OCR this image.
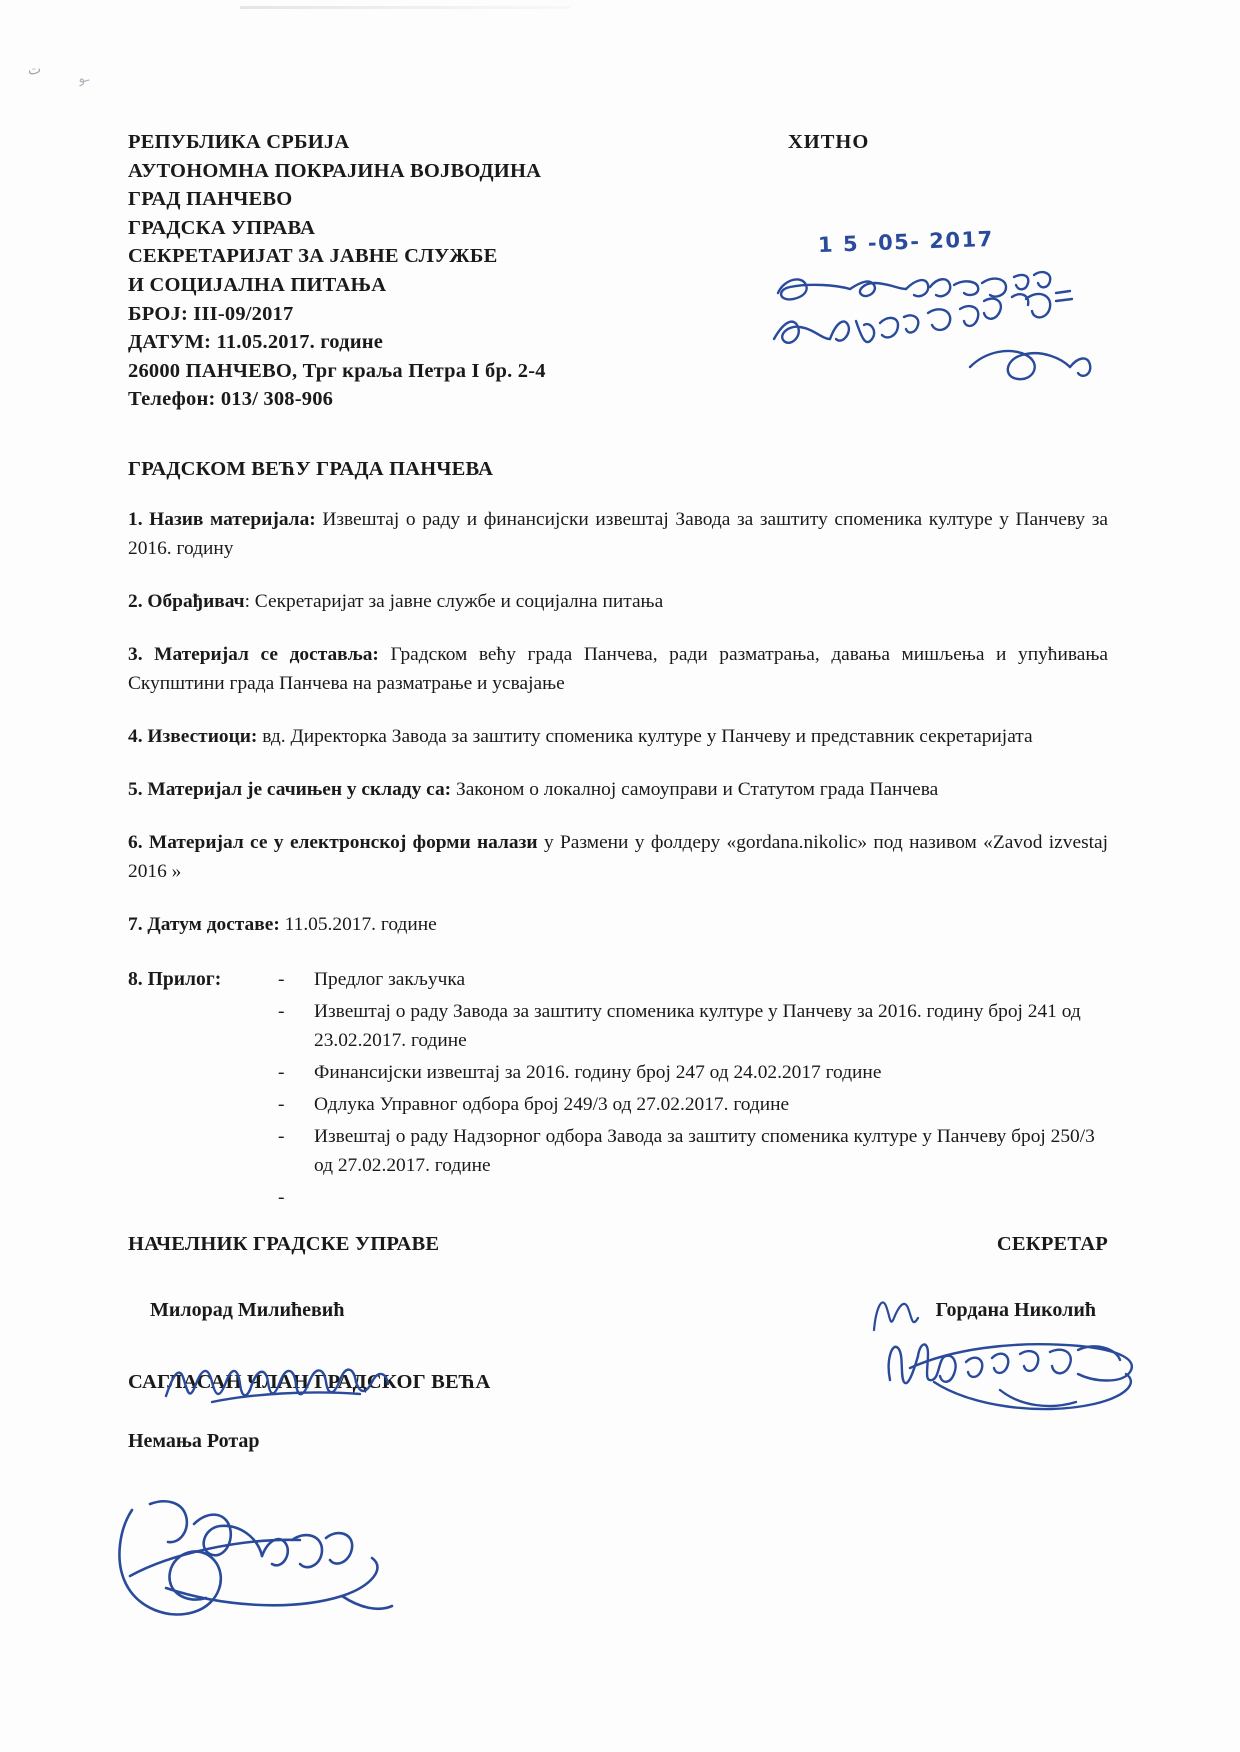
ت	ـﻮ
РЕПУБЛИКА СРБИЈА
АУТОНОМНА ПОКРАЈИНА ВОЈВОДИНА
ГРАД ПАНЧЕВО
ГРАДСКА УПРАВА
СЕКРЕТАРИЈАТ ЗА ЈАВНЕ СЛУЖБЕ
И СОЦИЈАЛНА ПИТАЊА
БРОЈ: III-09/2017
ДАТУМ: 11.05.2017. године
26000 ПАНЧЕВО, Трг краља Петра I бр. 2-4
Телефон: 013/ 308-906
ХИТНО
ГРАДСКОМ ВЕЋУ ГРАДА ПАНЧЕВА
1. Назив материјала: Извештај о раду и финансијски извештај Завода за заштиту споменика културе у Панчеву за 2016. годину
2. Обрађивач: Секретаријат за јавне службе и социјална питања
3. Материјал се доставља: Градском већу града Панчева, ради разматрања, давања мишљења и упућивања Скупштини града Панчева на разматрање и усвајање
4. Известиоци: вд. Директорка Завода за заштиту споменика културе у Панчеву и представник секретаријата
5. Материјал је сачињен у складу са: Законом о локалној самоуправи и Статутом града Панчева
6. Материјал се у електронској форми налази у Размени у фолдеру «gordana.nikolic» под називом «Zavod izvestaj 2016 »
7. Датум доставе: 11.05.2017. године
8. Прилог:	-	Предлог закључка
-	Извештај о раду Завода за заштиту споменика културе у Панчеву за 2016. годину број 241 од 23.02.2017. године
-	Финансијски извештај за 2016. годину број 247 од 24.02.2017 године
-	Одлука Управног одбора број 249/3 од 27.02.2017. године
-	Извештај о раду Надзорног одбора Завода за заштиту споменика културе у Панчеву број 250/3 од 27.02.2017. године
-
НАЧЕЛНИК ГРАДСКЕ УПРАВЕ	СЕКРЕТАР
Милорад Милићевић	Гордана Николић
САГЛАСАН ЧЛАН ГРАДСКОГ ВЕЋА
Немања Ротар
1 5 -05- 2017
